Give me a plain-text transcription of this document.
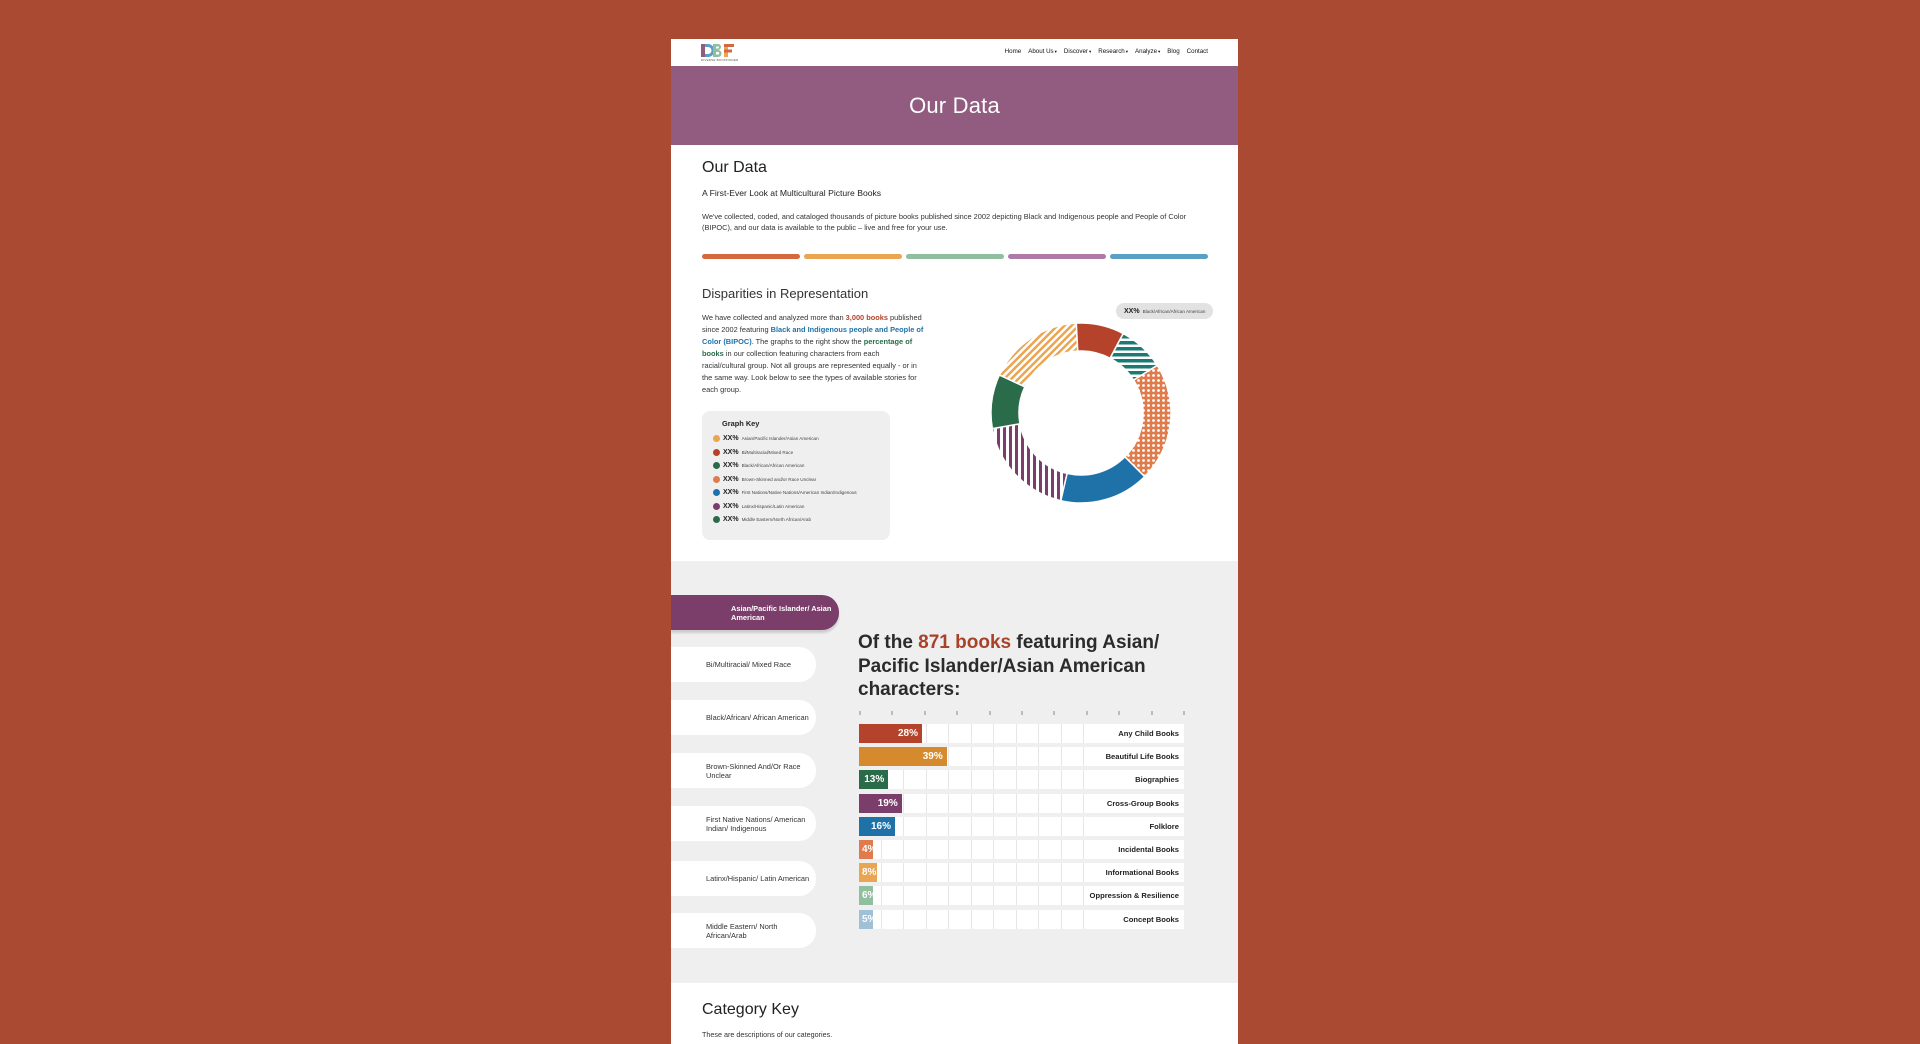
DIVERSE BOOKFINDER
Home About Us▾ Discover▾ Research▾ Analyze▾ Blog Contact
Our Data
Our Data
A First-Ever Look at Multicultural Picture Books
We've collected, coded, and cataloged thousands of picture books published since 2002 depicting Black and Indigenous people and People of Color (BIPOC), and our data is available to the public – live and free for your use.
Disparities in Representation
We have collected and analyzed more than 3,000 books published since 2002 featuring Black and Indigenous people and People of Color (BIPOC). The graphs to the right show the percentage of books in our collection featuring characters from each racial/cultural group. Not all groups are represented equally - or in the same way. Look below to see the types of available stories for each group.
Graph Key
XX% Asian/Pacific Islander/Asian American
XX% Bi/Multiracial/Mixed Race
XX% Black/African/African American
XX% Brown-Skinned and/or Race Unclear
XX% First Nations/Native Nations/American Indian/Indigenous
XX% Latinx/Hispanic/Latin American
XX% Middle Eastern/North African/Arab
XX% Black/African/African American
Asian/Pacific Islander/ Asian American
Bi/Multiracial/ Mixed Race
Black/African/ African American
Brown-Skinned And/Or Race Unclear
First Native Nations/ American Indian/ Indigenous
Latinx/Hispanic/ Latin American
Middle Eastern/ North African/Arab
Of the 871 books featuring Asian/ Pacific Islander/Asian American characters:
28%	Any Child Books
39%	Beautiful Life Books
13%	Biographies
19%	Cross-Group Books
16%	Folklore
4%	Incidental Books
8%	Informational Books
6%	Oppression & Resilience
5%	Concept Books
Category Key
These are descriptions of our categories.
